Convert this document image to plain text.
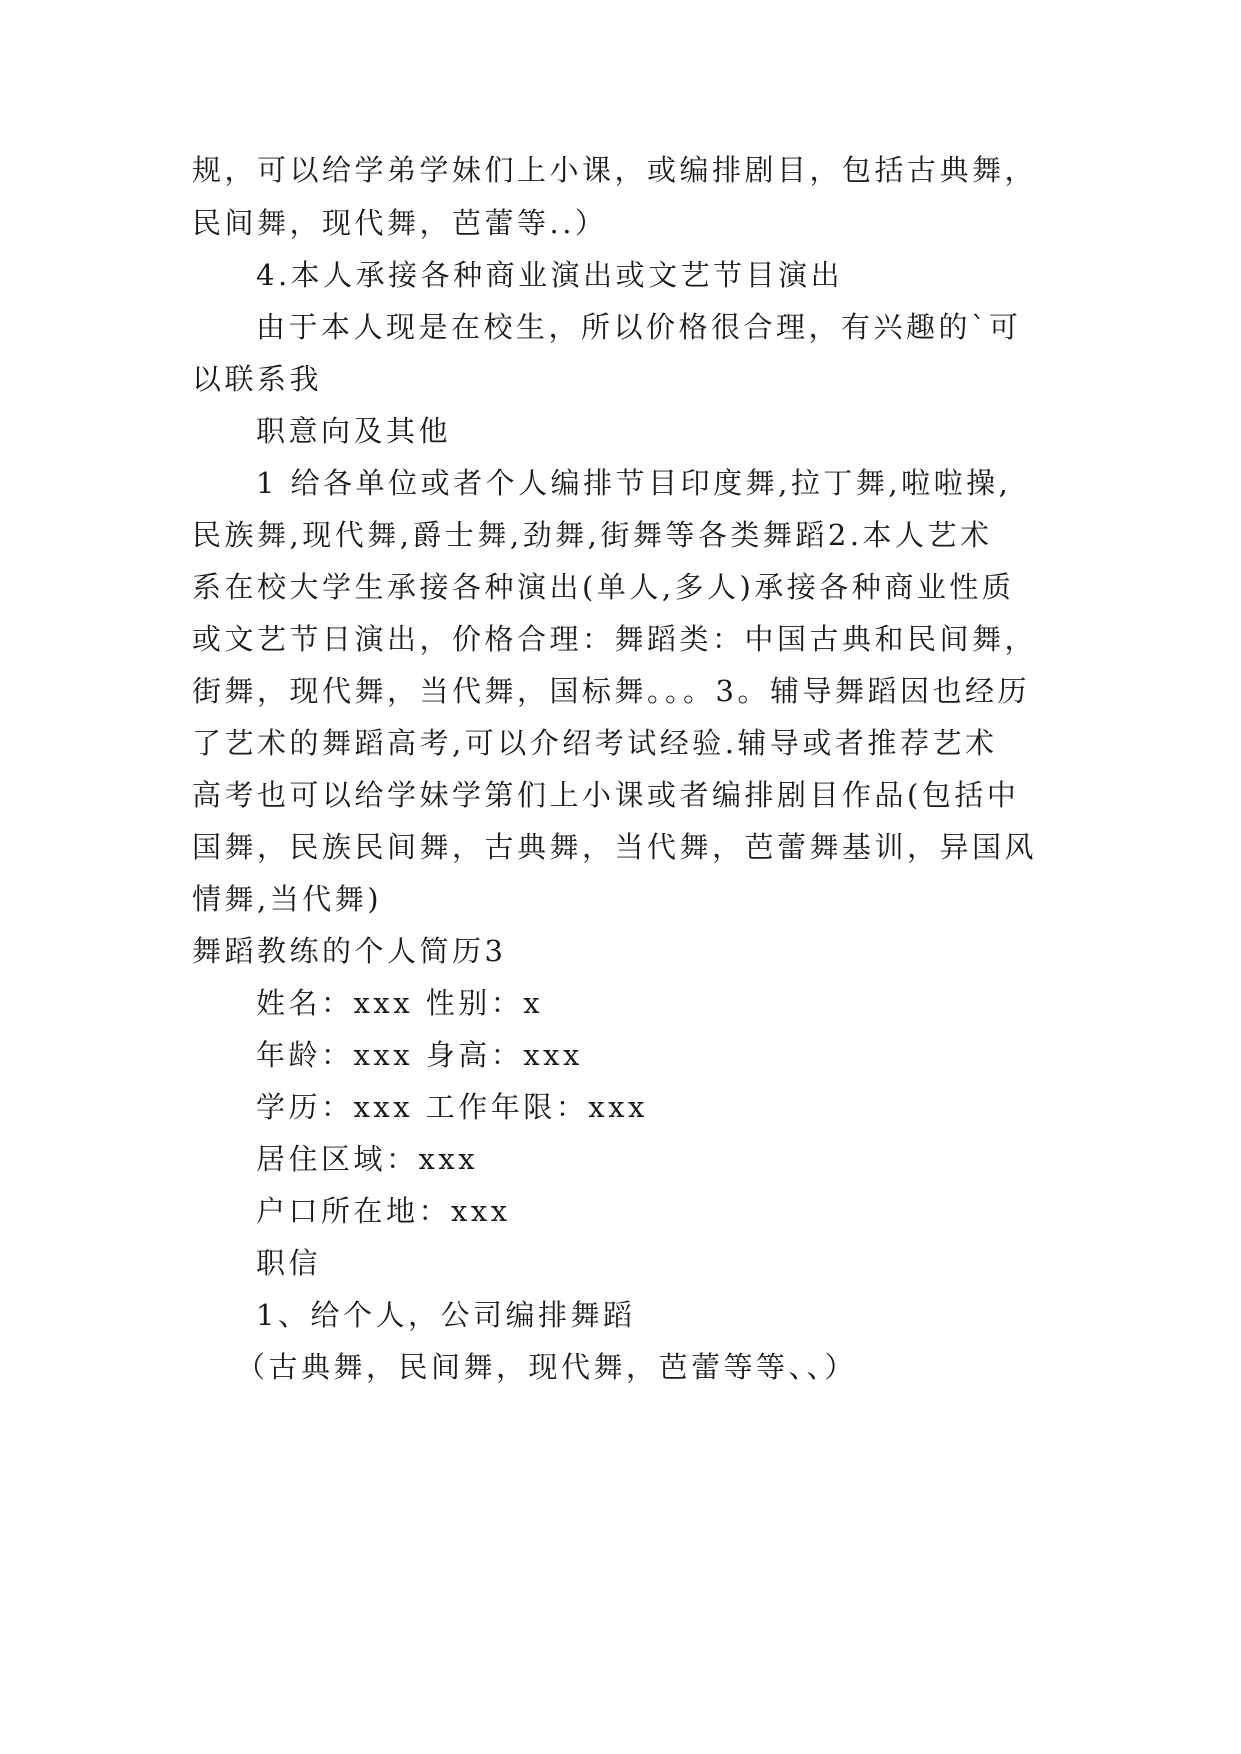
规，可以给学弟学妹们上小课，或编排剧目，包括古典舞，
民间舞，现代舞，芭蕾等..）
4.本人承接各种商业演出或文艺节目演出
由于本人现是在校生，所以价格很合理，有兴趣的`可
以联系我
职意向及其他
1 给各单位或者个人编排节目印度舞,拉丁舞,啦啦操,
民族舞,现代舞,爵士舞,劲舞,街舞等各类舞蹈2.本人艺术
系在校大学生承接各种演出(单人,多人)承接各种商业性质
或文艺节日演出，价格合理：舞蹈类：中国古典和民间舞，
街舞，现代舞，当代舞，国标舞。。。3。辅导舞蹈因也经历
了艺术的舞蹈高考,可以介绍考试经验.辅导或者推荐艺术
高考也可以给学妹学第们上小课或者编排剧目作品(包括中
国舞，民族民间舞，古典舞，当代舞，芭蕾舞基训，异国风
情舞,当代舞)
舞蹈教练的个人简历3
姓名：xxx 性别：x
年龄：xxx 身高：xxx
学历：xxx 工作年限：xxx
居住区域：xxx
户口所在地：xxx
职信
1、给个人，公司编排舞蹈
（古典舞，民间舞，现代舞，芭蕾等等、、）
